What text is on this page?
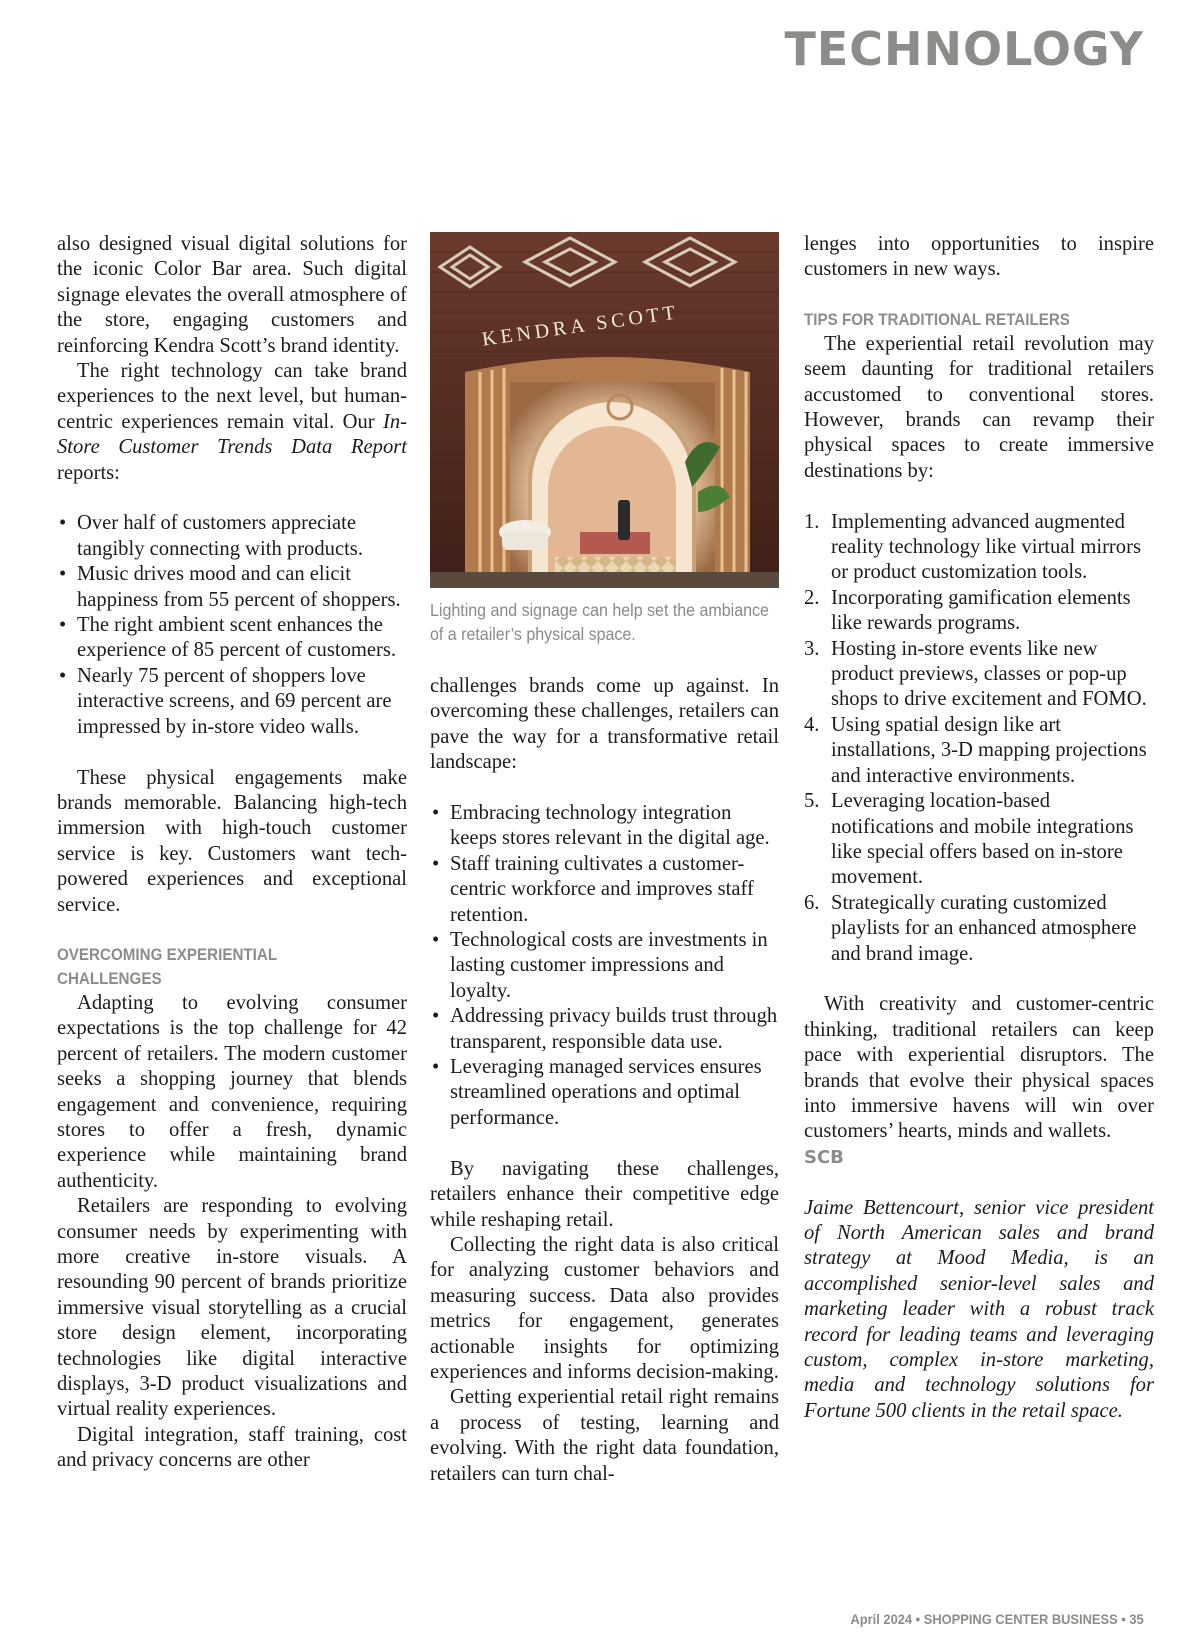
TECHNOLOGY

also designed visual digital solutions for the iconic Color Bar area. Such digital signage elevates the overall atmosphere of the store, engaging customers and reinforcing Kendra Scott’s brand identity.

The right technology can take brand experiences to the next level, but human-centric experiences remain vital. Our In-Store Customer Trends Data Report reports:

• Over half of customers appreciate tangibly connecting with products.
• Music drives mood and can elicit happiness from 55 percent of shoppers.
• The right ambient scent enhances the experience of 85 percent of customers.
• Nearly 75 percent of shoppers love interactive screens, and 69 percent are impressed by in-store video walls.

These physical engagements make brands memorable. Balancing high-tech immersion with high-touch customer service is key. Customers want tech-powered experiences and exceptional service.

OVERCOMING EXPERIENTIAL CHALLENGES

Adapting to evolving consumer expectations is the top challenge for 42 percent of retailers. The modern customer seeks a shopping journey that blends engagement and convenience, requiring stores to offer a fresh, dynamic experience while maintaining brand authenticity.

Retailers are responding to evolving consumer needs by experimenting with more creative in-store visuals. A resounding 90 percent of brands prioritize immersive visual storytelling as a crucial store design element, incorporating technologies like digital interactive displays, 3-D product visualizations and virtual reality experiences.

Digital integration, staff training, cost and privacy concerns are other

KENDRA SCOTT

Lighting and signage can help set the ambiance of a retailer’s physical space.

challenges brands come up against. In overcoming these challenges, retailers can pave the way for a transformative retail landscape:

• Embracing technology integration keeps stores relevant in the digital age.
• Staff training cultivates a customer-centric workforce and improves staff retention.
• Technological costs are investments in lasting customer impressions and loyalty.
• Addressing privacy builds trust through transparent, responsible data use.
• Leveraging managed services ensures streamlined operations and optimal performance.

By navigating these challenges, retailers enhance their competitive edge while reshaping retail.

Collecting the right data is also critical for analyzing customer behaviors and measuring success. Data also provides metrics for engagement, generates actionable insights for optimizing experiences and informs decision-making.

Getting experiential retail right remains a process of testing, learning and evolving. With the right data foundation, retailers can turn chal-

lenges into opportunities to inspire customers in new ways.

TIPS FOR TRADITIONAL RETAILERS

The experiential retail revolution may seem daunting for traditional retailers accustomed to conventional stores. However, brands can revamp their physical spaces to create immersive destinations by:

1. Implementing advanced augmented reality technology like virtual mirrors or product customization tools.
2. Incorporating gamification elements like rewards programs.
3. Hosting in-store events like new product previews, classes or pop-up shops to drive excitement and FOMO.
4. Using spatial design like art installations, 3-D mapping projections and interactive environments.
5. Leveraging location-based notifications and mobile integrations like special offers based on in-store movement.
6. Strategically curating customized playlists for an enhanced atmosphere and brand image.

With creativity and customer-centric thinking, traditional retailers can keep pace with experiential disruptors. The brands that evolve their physical spaces into immersive havens will win over customers’ hearts, minds and wallets.

SCB

Jaime Bettencourt, senior vice president of North American sales and brand strategy at Mood Media, is an accomplished senior-level sales and marketing leader with a robust track record for leading teams and leveraging custom, complex in-store marketing, media and technology solutions for Fortune 500 clients in the retail space.

April 2024 • SHOPPING CENTER BUSINESS • 35
